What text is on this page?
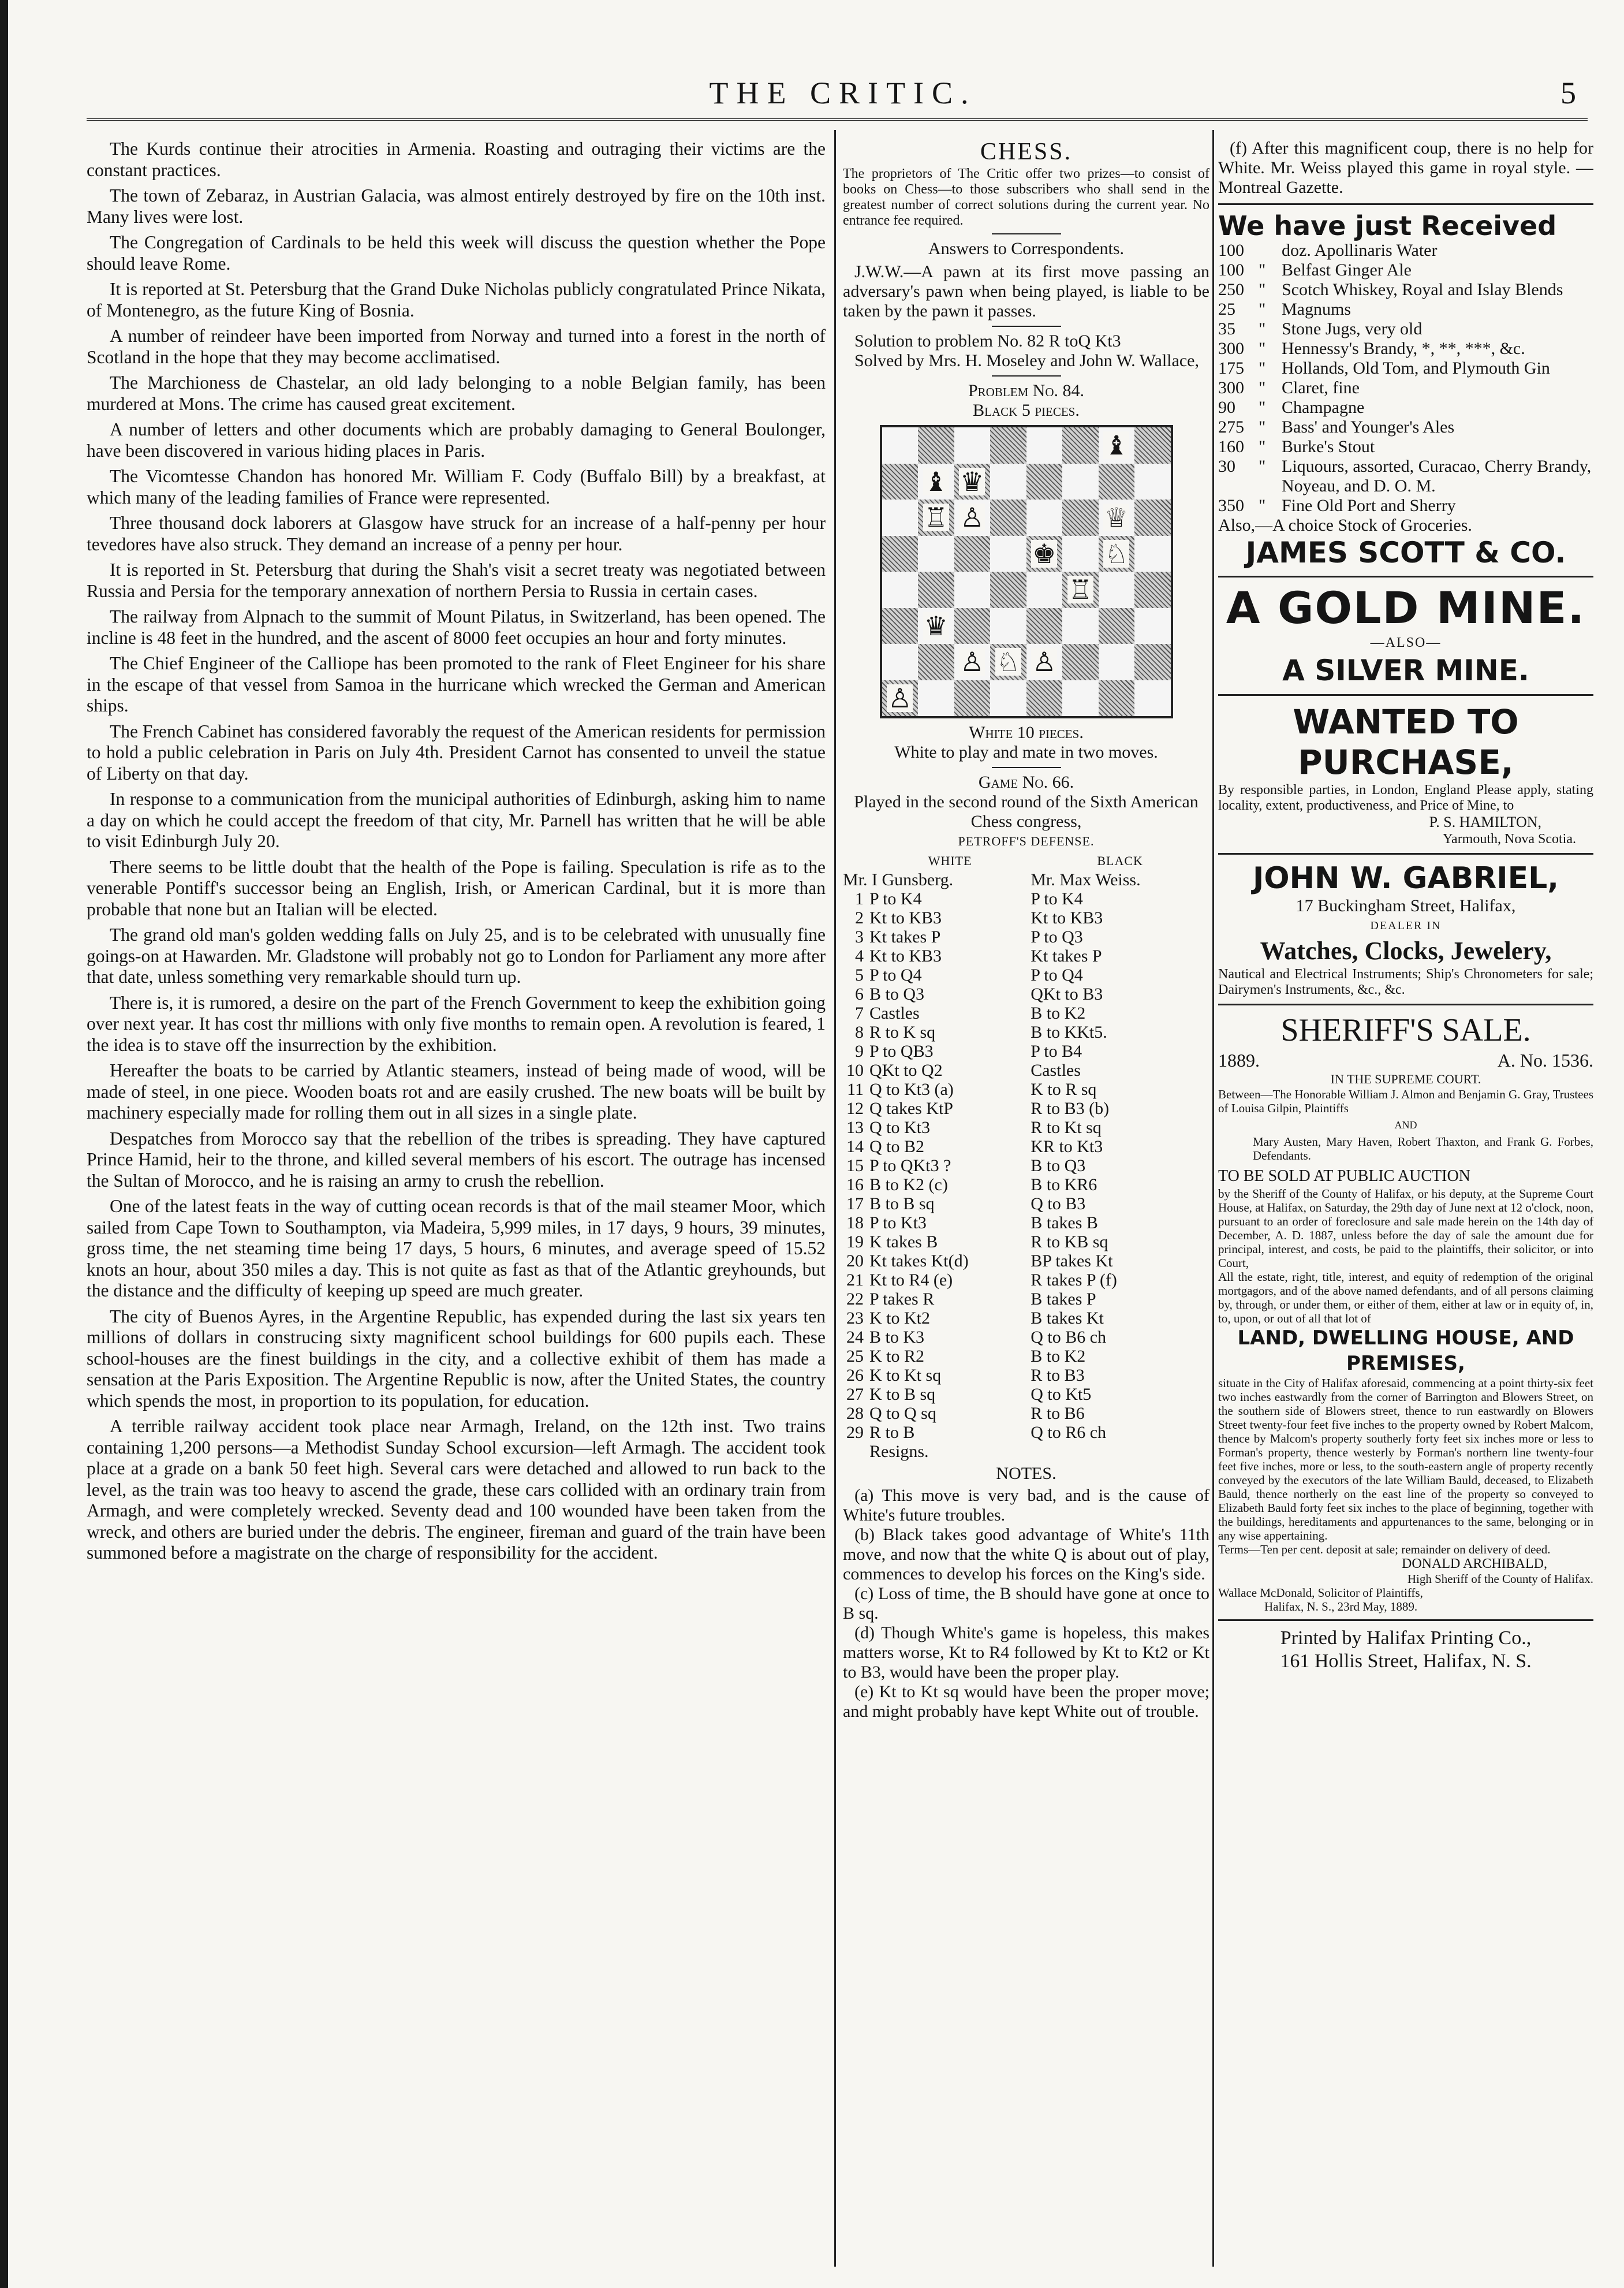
THE CRITIC.	5

The Kurds continue their atrocities in Armenia. Roasting and outraging their victims are the constant practices.

The town of Zebaraz, in Austrian Galacia, was almost entirely destroyed by fire on the 10th inst. Many lives were lost.

The Congregation of Cardinals to be held this week will discuss the question whether the Pope should leave Rome.

It is reported at St. Petersburg that the Grand Duke Nicholas publicly congratulated Prince Nikata, of Montenegro, as the future King of Bosnia.

A number of reindeer have been imported from Norway and turned into a forest in the north of Scotland in the hope that they may become acclimatised.

The Marchioness de Chastelar, an old lady belonging to a noble Belgian family, has been murdered at Mons. The crime has caused great excitement.

A number of letters and other documents which are probably damaging to General Boulonger, have been discovered in various hiding places in Paris.

The Vicomtesse Chandon has honored Mr. William F. Cody (Buffalo Bill) by a breakfast, at which many of the leading families of France were represented.

Three thousand dock laborers at Glasgow have struck for an increase of a half-penny per hour tevedores have also struck. They demand an increase of a penny per hour.

It is reported in St. Petersburg that during the Shah's visit a secret treaty was negotiated between Russia and Persia for the temporary annexation of northern Persia to Russia in certain cases.

The railway from Alpnach to the summit of Mount Pilatus, in Switzerland, has been opened. The incline is 48 feet in the hundred, and the ascent of 8000 feet occupies an hour and forty minutes.

The Chief Engineer of the Calliope has been promoted to the rank of Fleet Engineer for his share in the escape of that vessel from Samoa in the hurricane which wrecked the German and American ships.

The French Cabinet has considered favorably the request of the American residents for permission to hold a public celebration in Paris on July 4th. President Carnot has consented to unveil the statue of Liberty on that day.

In response to a communication from the municipal authorities of Edinburgh, asking him to name a day on which he could accept the freedom of that city, Mr. Parnell has written that he will be able to visit Edinburgh July 20.

There seems to be little doubt that the health of the Pope is failing. Speculation is rife as to the venerable Pontiff's successor being an English, Irish, or American Cardinal, but it is more than probable that none but an Italian will be elected.

The grand old man's golden wedding falls on July 25, and is to be celebrated with unusually fine goings-on at Hawarden. Mr. Gladstone will probably not go to London for Parliament any more after that date, unless something very remarkable should turn up.

There is, it is rumored, a desire on the part of the French Government to keep the exhibition going over next year. It has cost thr millions with only five months to remain open. A revolution is feared, 1 the idea is to stave off the insurrection by the exhibition.

Hereafter the boats to be carried by Atlantic steamers, instead of being made of wood, will be made of steel, in one piece. Wooden boats rot and are easily crushed. The new boats will be built by machinery especially made for rolling them out in all sizes in a single plate.

Despatches from Morocco say that the rebellion of the tribes is spreading. They have captured Prince Hamid, heir to the throne, and killed several members of his escort. The outrage has incensed the Sultan of Morocco, and he is raising an army to crush the rebellion.

One of the latest feats in the way of cutting ocean records is that of the mail steamer Moor, which sailed from Cape Town to Southampton, via Madeira, 5,999 miles, in 17 days, 9 hours, 39 minutes, gross time, the net steaming time being 17 days, 5 hours, 6 minutes, and average speed of 15.52 knots an hour, about 350 miles a day. This is not quite as fast as that of the Atlantic greyhounds, but the distance and the difficulty of keeping up speed are much greater.

The city of Buenos Ayres, in the Argentine Republic, has expended during the last six years ten millions of dollars in construcing sixty magnificent school buildings for 600 pupils each. These school-houses are the finest buildings in the city, and a collective exhibit of them has made a sensation at the Paris Exposition. The Argentine Republic is now, after the United States, the country which spends the most, in proportion to its population, for education.

A terrible railway accident took place near Armagh, Ireland, on the 12th inst. Two trains containing 1,200 persons—a Methodist Sunday School excursion—left Armagh. The accident took place at a grade on a bank 50 feet high. Several cars were detached and allowed to run back to the level, as the train was too heavy to ascend the grade, these cars collided with an ordinary train from Armagh, and were completely wrecked. Seventy dead and 100 wounded have been taken from the wreck, and others are buried under the debris. The engineer, fireman and guard of the train have been summoned before a magistrate on the charge of responsibility for the accident.

CHESS.
The proprietors of The Critic offer two prizes—to consist of books on Chess—to those subscribers who shall send in the greatest number of correct solutions during the current year. No entrance fee required.
Answers to Correspondents.
J.W.W.—A pawn at its first move passing an adversary's pawn when being played, is liable to be taken by the pawn it passes.
Solution to problem No. 82 R toQ Kt3
Solved by Mrs. H. Moseley and John W. Wallace,
Problem No. 84.
Black 5 pieces.
♝
♝ ♛
♖ ♙	♕
♚ ♘
♖
♛
♙ ♘ ♙
♙
White 10 pieces.
White to play and mate in two moves.
Game No. 66.
Played in the second round of the Sixth American Chess congress,
PETROFF'S DEFENSE.
	WHITE	BLACK
Mr. I Gunsberg.		Mr. Max Weiss.
1	P to K4	P to K4
2	Kt to KB3	Kt to KB3
3	Kt takes P	P to Q3
4	Kt to KB3	Kt takes P
5	P to Q4	P to Q4
6	B to Q3	QKt to B3
7	Castles	B to K2
8	R to K sq	B to KKt5.
9	P to QB3	P to B4
10	QKt to Q2	Castles
11	Q to Kt3 (a)	K to R sq
12	Q takes KtP	R to B3 (b)
13	Q to Kt3	R to Kt sq
14	Q to B2	KR to Kt3
15	P to QKt3 ?	B to Q3
16	B to K2 (c)	B to KR6
17	B to B sq	Q to B3
18	P to Kt3	B takes B
19	K takes B	R to KB sq
20	Kt takes Kt(d)	BP takes Kt
21	Kt to R4 (e)	R takes P (f)
22	P takes R	B takes P
23	K to Kt2	B takes Kt
24	B to K3	Q to B6 ch
25	K to R2	B to K2
26	K to Kt sq	R to B3
27	K to B sq	Q to Kt5
28	Q to Q sq	R to B6
29	R to B	Q to R6 ch
Resigns.
NOTES.
(a) This move is very bad, and is the cause of White's future troubles.
(b) Black takes good advantage of White's 11th move, and now that the white Q is about out of play, commences to develop his forces on the King's side.
(c) Loss of time, the B should have gone at once to B sq.
(d) Though White's game is hopeless, this makes matters worse, Kt to R4 followed by Kt to Kt2 or Kt to B3, would have been the proper play.
(e) Kt to Kt sq would have been the proper move; and might probably have kept White out of trouble.
(f) After this magnificent coup, there is no help for White. Mr. Weiss played this game in royal style. —Montreal Gazette.
We have just Received
100		doz. Apollinaris Water
100	"	Belfast Ginger Ale
250	"	Scotch Whiskey, Royal and Islay Blends
25	"	Magnums
35	"	Stone Jugs, very old
300	"	Hennessy's Brandy, *, **, ***, &c.
175	"	Hollands, Old Tom, and Plymouth Gin
300	"	Claret, fine
90	"	Champagne
275	"	Bass' and Younger's Ales
160	"	Burke's Stout
30	"	Liquours, assorted, Curacao, Cherry Brandy, Noyeau, and D. O. M.
350	"	Fine Old Port and Sherry
Also,—A choice Stock of Groceries.
JAMES SCOTT & CO.
A GOLD MINE.
—ALSO—
A SILVER MINE.
WANTED TO PURCHASE,
By responsible parties, in London, England Please apply, stating locality, extent, productiveness, and Price of Mine, to
P. S. HAMILTON,
Yarmouth, Nova Scotia.
JOHN W. GABRIEL,
17 Buckingham Street, Halifax,
DEALER IN
Watches, Clocks, Jewelery,
Nautical and Electrical Instruments; Ship's Chronometers for sale; Dairymen's Instruments, &c., &c.
SHERIFF'S SALE.
1889.	A. No. 1536.
IN THE SUPREME COURT.
Between—The Honorable William J. Almon and Benjamin G. Gray, Trustees of Louisa Gilpin, Plaintiffs
AND
Mary Austen, Mary Haven, Robert Thaxton, and Frank G. Forbes, Defendants.
TO BE SOLD AT PUBLIC AUCTION
by the Sheriff of the County of Halifax, or his deputy, at the Supreme Court House, at Halifax, on Saturday, the 29th day of June next at 12 o'clock, noon, pursuant to an order of foreclosure and sale made herein on the 14th day of December, A. D. 1887, unless before the day of sale the amount due for principal, interest, and costs, be paid to the plaintiffs, their solicitor, or into Court,
All the estate, right, title, interest, and equity of redemption of the original mortgagors, and of the above named defendants, and of all persons claiming by, through, or under them, or either of them, either at law or in equity of, in, to, upon, or out of all that lot of
LAND, DWELLING HOUSE, AND PREMISES,
situate in the City of Halifax aforesaid, commencing at a point thirty-six feet two inches eastwardly from the corner of Barrington and Blowers Street, on the southern side of Blowers street, thence to run eastwardly on Blowers Street twenty-four feet five inches to the property owned by Robert Malcom, thence by Malcom's property southerly forty feet six inches more or less to Forman's property, thence westerly by Forman's northern line twenty-four feet five inches, more or less, to the south-eastern angle of property recently conveyed by the executors of the late William Bauld, deceased, to Elizabeth Bauld, thence northerly on the east line of the property so conveyed to Elizabeth Bauld forty feet six inches to the place of beginning, together with the buildings, hereditaments and appurtenances to the same, belonging or in any wise appertaining.
Terms—Ten per cent. deposit at sale; remainder on delivery of deed.
DONALD ARCHIBALD,
High Sheriff of the County of Halifax.
Wallace McDonald, Solicitor of Plaintiffs,
Halifax, N. S., 23rd May, 1889.
Printed by Halifax Printing Co.,
161 Hollis Street, Halifax, N. S.
